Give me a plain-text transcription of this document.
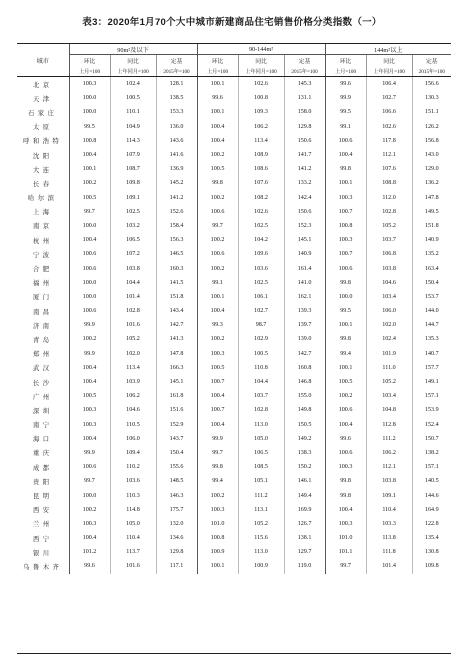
表3：2020年1月70个大中城市新建商品住宅销售价格分类指数（一）
城市	90m²及以下			90-144m²			144m²以上		
	环比	同比	定基	环比	同比	定基	环比	同比	定基
	上月=100	上年同月=100	2015年=100	上月=100	上年同月=100	2015年=100	上月=100	上年同月=100	2015年=100
北京	100.3	102.4	128.1	100.1	102.6	145.3	99.6	106.4	156.6
天津	100.0	100.5	138.5	99.6	100.8	131.1	99.9	102.7	130.3
石家庄	100.0	110.1	153.3	100.1	109.3	158.0	99.5	106.6	151.1
太原	99.5	104.9	136.0	100.4	106.2	129.8	99.1	102.6	126.2
呼和浩特	100.8	114.3	143.6	100.4	113.4	150.6	100.6	117.8	156.8
沈阳	100.4	107.9	141.6	100.2	108.9	141.7	100.4	112.1	143.0
大连	100.1	108.7	136.9	100.5	108.6	141.2	99.8	107.6	129.0
长春	100.2	109.8	145.2	99.8	107.6	133.2	100.1	108.8	136.2
哈尔滨	100.5	109.1	141.2	100.2	108.2	142.4	100.3	112.0	147.8
上海	99.7	102.5	152.6	100.6	102.6	150.6	100.7	102.8	149.5
南京	100.0	103.2	158.4	99.7	102.5	152.3	100.8	105.2	151.8
杭州	100.4	106.5	156.3	100.2	104.2	145.1	100.3	103.7	140.9
宁波	100.6	107.2	146.5	100.6	109.6	140.9	100.7	106.8	135.2
合肥	100.6	103.8	160.3	100.2	103.6	161.4	100.6	103.8	163.4
福州	100.0	104.4	141.5	99.1	102.5	141.0	99.8	104.6	150.4
厦门	100.0	101.4	151.8	100.1	106.1	162.1	100.0	103.4	153.7
南昌	100.6	102.8	143.4	100.4	102.7	139.3	99.5	106.0	144.0
济南	99.9	101.6	142.7	99.3	98.7	139.7	100.1	102.0	144.7
青岛	100.2	105.2	141.3	100.2	102.9	139.0	99.8	102.4	135.3
郑州	99.9	102.0	147.8	100.3	100.5	142.7	99.4	101.9	140.7
武汉	100.4	113.4	166.3	100.5	110.8	160.8	100.1	111.0	157.7
长沙	100.4	103.9	145.1	100.7	104.4	146.8	100.5	105.2	149.1
广州	100.5	106.2	161.8	100.4	103.7	155.0	100.2	103.4	157.1
深圳	100.3	104.6	151.6	100.7	102.8	149.8	100.6	104.8	153.9
南宁	100.3	110.5	152.9	100.4	113.0	150.5	100.4	112.8	152.4
海口	100.4	106.0	143.7	99.9	105.0	149.2	99.6	111.2	150.7
重庆	99.9	109.4	150.4	99.7	106.5	138.3	100.6	106.2	138.2
成都	100.6	110.2	155.6	99.8	108.5	150.2	100.3	112.1	157.1
贵阳	99.7	103.6	148.5	99.4	105.1	146.1	99.8	103.8	140.5
昆明	100.0	110.3	146.3	100.2	111.2	149.4	99.8	109.1	144.6
西安	100.2	114.8	175.7	100.3	113.1	169.9	100.4	110.4	164.9
兰州	100.3	105.0	132.0	101.0	105.2	126.7	100.3	103.3	122.8
西宁	100.4	110.4	134.6	100.8	115.6	138.1	101.0	113.8	135.4
银川	101.2	113.7	129.8	100.9	113.0	129.7	101.1	111.8	130.8
乌鲁木齐	99.6	101.6	117.1	100.1	100.9	119.0	99.7	101.4	109.8
